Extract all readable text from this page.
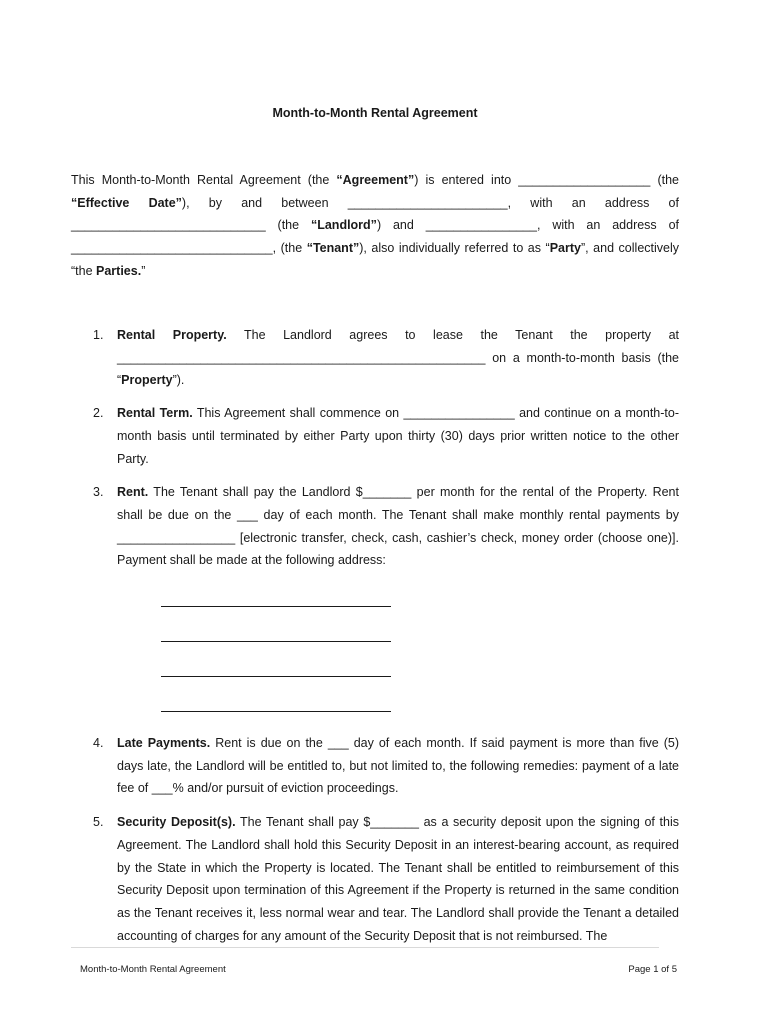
Month-to-Month Rental Agreement

This Month-to-Month Rental Agreement (the “Agreement”) is entered into ___________________ (the “Effective Date”), by and between _______________________, with an address of ____________________________ (the “Landlord”) and ________________, with an address of _____________________________, (the “Tenant”), also individually referred to as “Party”, and collectively “the Parties.”

1. Rental Property. The Landlord agrees to lease the Tenant the property at _____________________________________________________ on a month-to-month basis (the “Property”).
2. Rental Term. This Agreement shall commence on ________________ and continue on a month-to-month basis until terminated by either Party upon thirty (30) days prior written notice to the other Party.
3. Rent. The Tenant shall pay the Landlord $_______ per month for the rental of the Property. Rent shall be due on the ___ day of each month. The Tenant shall make monthly rental payments by _________________ [electronic transfer, check, cash, cashier’s check, money order (choose one)]. Payment shall be made at the following address:
4. Late Payments. Rent is due on the ___ day of each month. If said payment is more than five (5) days late, the Landlord will be entitled to, but not limited to, the following remedies: payment of a late fee of ___% and/or pursuit of eviction proceedings.
5. Security Deposit(s). The Tenant shall pay $_______ as a security deposit upon the signing of this Agreement. The Landlord shall hold this Security Deposit in an interest-bearing account, as required by the State in which the Property is located. The Tenant shall be entitled to reimbursement of this Security Deposit upon termination of this Agreement if the Property is returned in the same condition as the Tenant receives it, less normal wear and tear. The Landlord shall provide the Tenant a detailed accounting of charges for any amount of the Security Deposit that is not reimbursed. The
Month-to-Month Rental Agreement	Page 1 of 5
